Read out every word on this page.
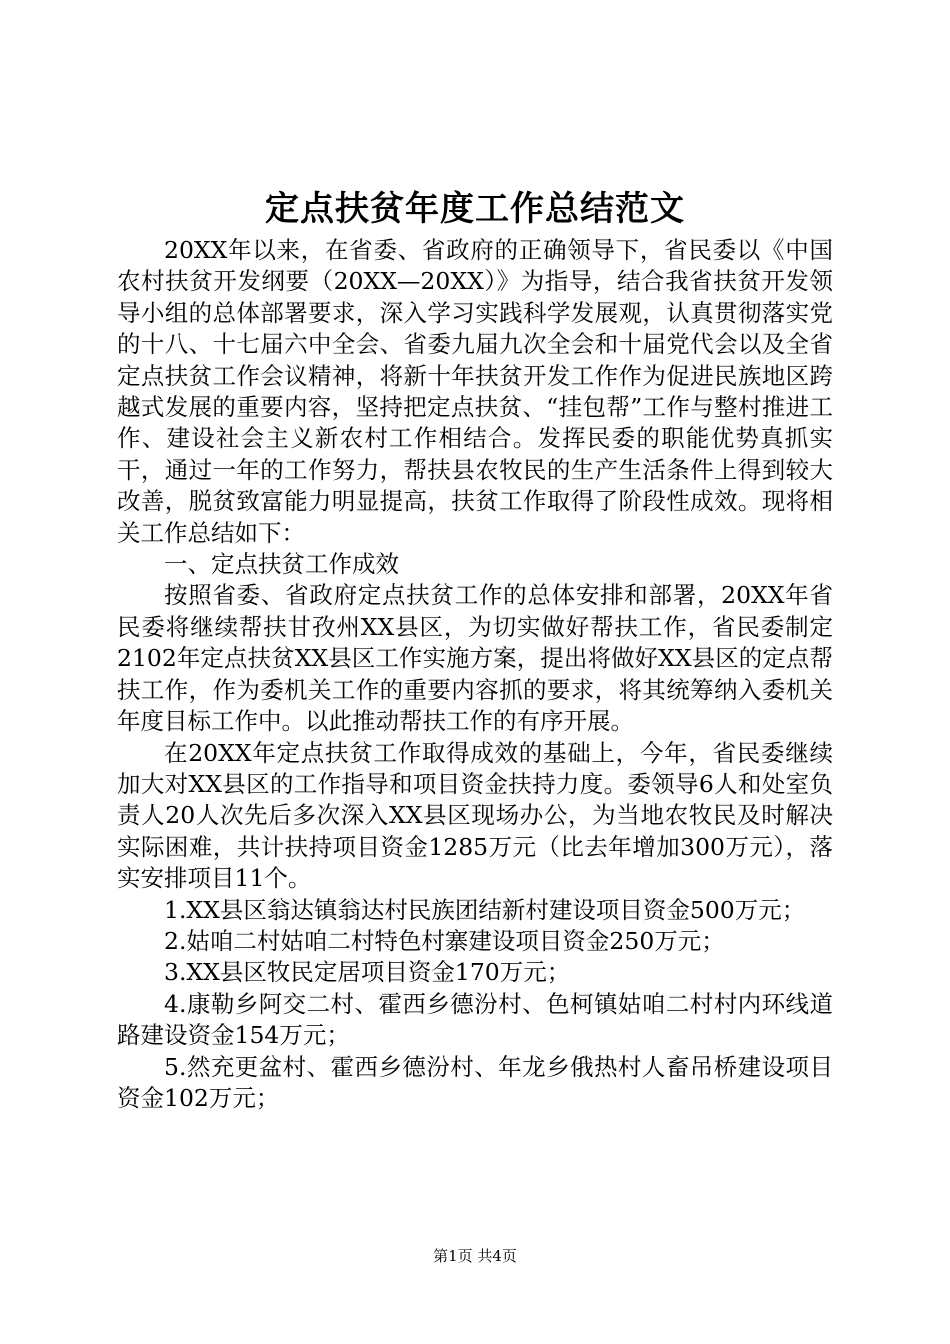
定点扶贫年度工作总结范文

20XX年以来，在省委、省政府的正确领导下，省民委以《中国农村扶贫开发纲要（20XX—20XX）》为指导，结合我省扶贫开发领导小组的总体部署要求，深入学习实践科学发展观，认真贯彻落实党的十八、十七届六中全会、省委九届九次全会和十届党代会以及全省定点扶贫工作会议精神，将新十年扶贫开发工作作为促进民族地区跨越式发展的重要内容，坚持把定点扶贫、“挂包帮”工作与整村推进工作、建设社会主义新农村工作相结合。发挥民委的职能优势真抓实干，通过一年的工作努力，帮扶县农牧民的生产生活条件上得到较大改善，脱贫致富能力明显提高，扶贫工作取得了阶段性成效。现将相关工作总结如下：

一、定点扶贫工作成效

按照省委、省政府定点扶贫工作的总体安排和部署，20XX年省民委将继续帮扶甘孜州XX县区，为切实做好帮扶工作，省民委制定2102年定点扶贫XX县区工作实施方案，提出将做好XX县区的定点帮扶工作，作为委机关工作的重要内容抓的要求，将其统筹纳入委机关年度目标工作中。以此推动帮扶工作的有序开展。

在20XX年定点扶贫工作取得成效的基础上，今年，省民委继续加大对XX县区的工作指导和项目资金扶持力度。委领导6人和处室负责人20人次先后多次深入XX县区现场办公，为当地农牧民及时解决实际困难，共计扶持项目资金1285万元（比去年增加300万元），落实安排项目11个。

1.XX县区翁达镇翁达村民族团结新村建设项目资金500万元；

2.姑咱二村姑咱二村特色村寨建设项目资金250万元；

3.XX县区牧民定居项目资金170万元；

4.康勒乡阿交二村、霍西乡德汾村、色柯镇姑咱二村村内环线道路建设资金154万元；

5.然充更盆村、霍西乡德汾村、年龙乡俄热村人畜吊桥建设项目资金102万元；

第1页 共4页
